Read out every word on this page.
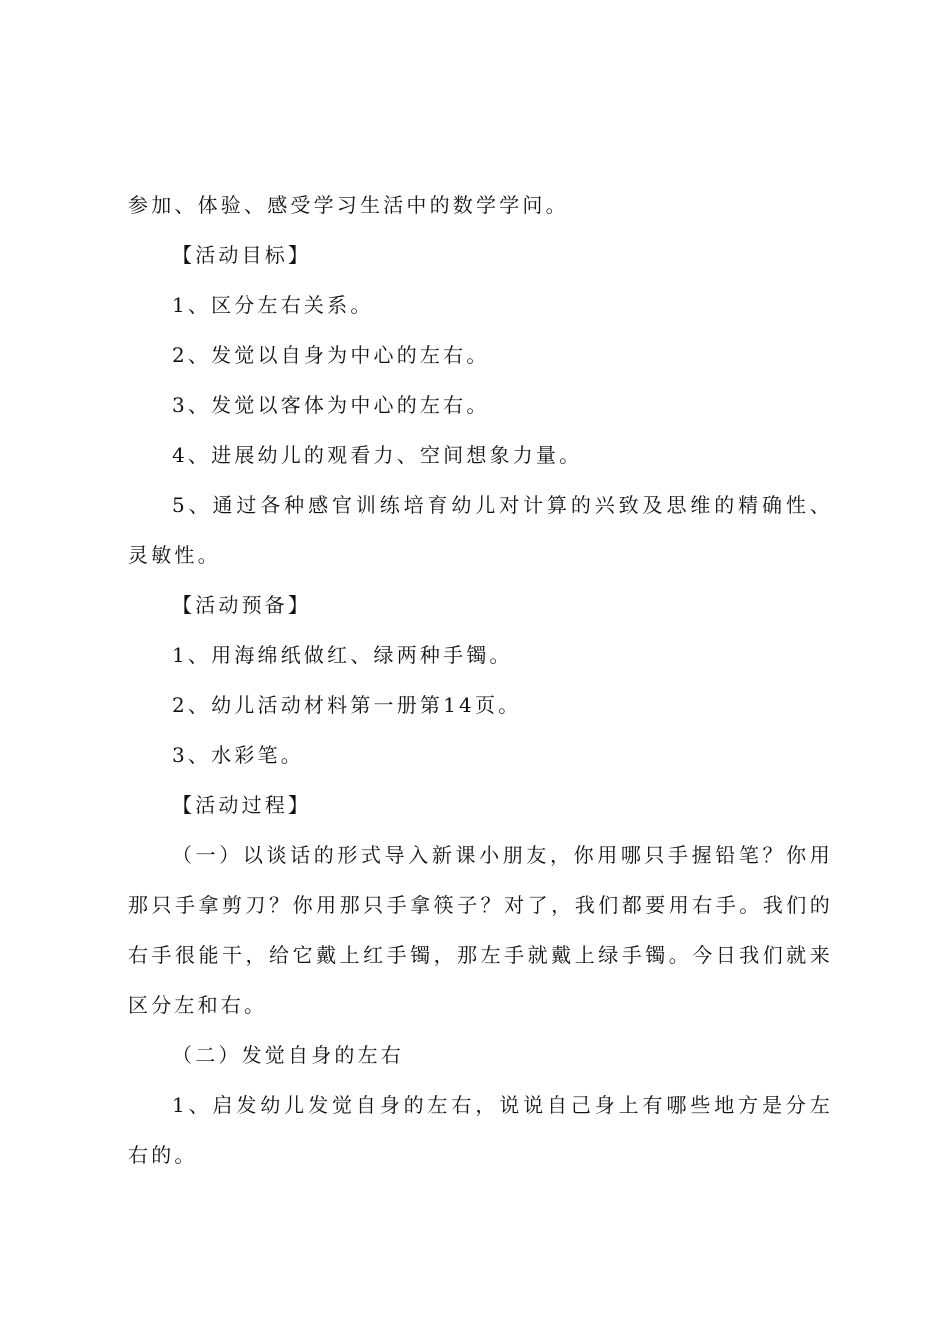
参加、体验、感受学习生活中的数学学问。

【活动目标】

1、区分左右关系。

2、发觉以自身为中心的左右。

3、发觉以客体为中心的左右。

4、进展幼儿的观看力、空间想象力量。

5、通过各种感官训练培育幼儿对计算的兴致及思维的精确性、灵敏性。

【活动预备】

1、用海绵纸做红、绿两种手镯。

2、幼儿活动材料第一册第14页。

3、水彩笔。

【活动过程】

（一）以谈话的形式导入新课小朋友，你用哪只手握铅笔？你用那只手拿剪刀？你用那只手拿筷子？对了，我们都要用右手。我们的右手很能干，给它戴上红手镯，那左手就戴上绿手镯。今日我们就来区分左和右。

（二）发觉自身的左右

1、启发幼儿发觉自身的左右，说说自己身上有哪些地方是分左右的。
